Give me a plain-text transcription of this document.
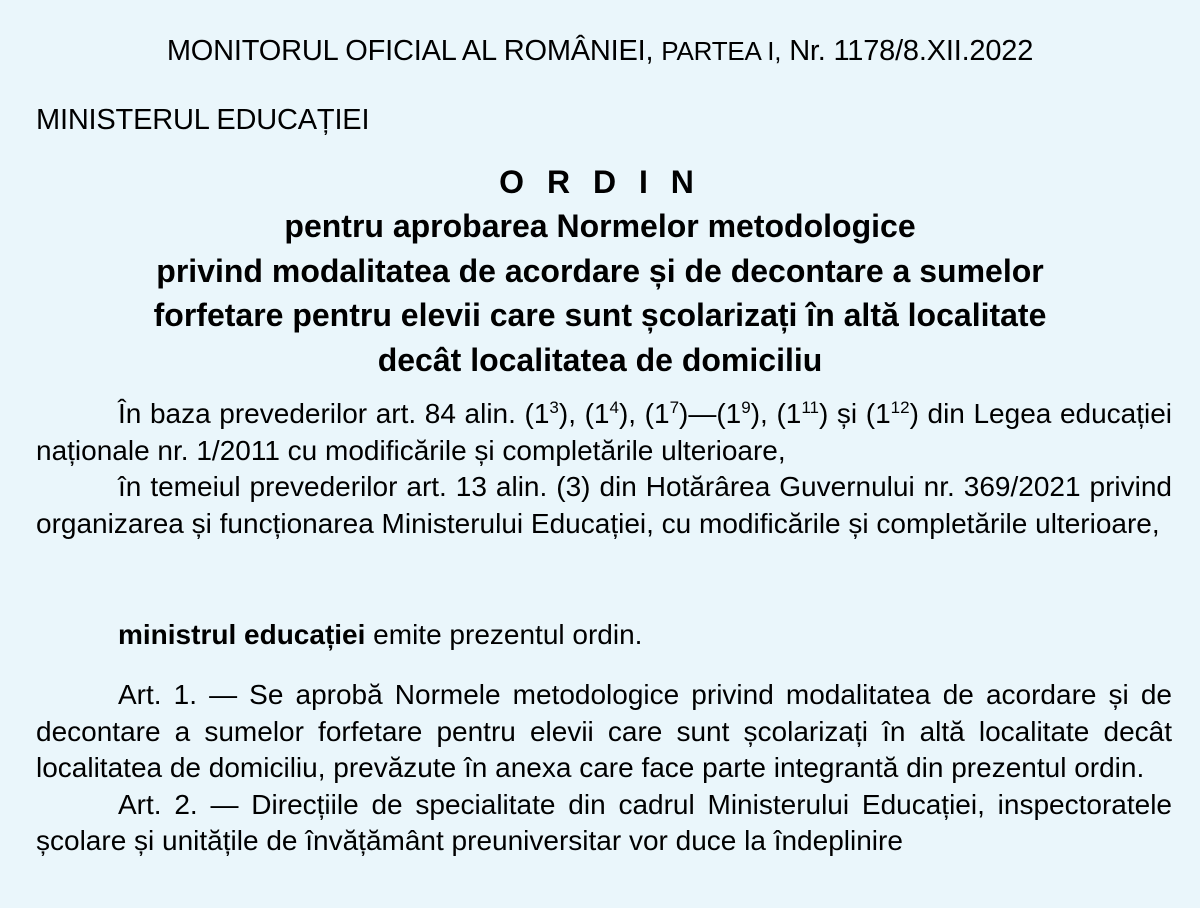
MONITORUL OFICIAL AL ROMÂNIEI, PARTEA I, Nr. 1178/8.XII.2022
MINISTERUL EDUCAȚIEI
O R D I N
pentru aprobarea Normelor metodologice
privind modalitatea de acordare și de decontare a sumelor
forfetare pentru elevii care sunt școlarizați în altă localitate
decât localitatea de domiciliu

În baza prevederilor art. 84 alin. $(1^3)$, $(1^4)$, $(1^7)—(1^9)$, $(1^{11})$ și $(1^{12})$ din Legea educației naționale nr. 1/2011 cu modificările și completările ulterioare,

în temeiul prevederilor art. 13 alin. (3) din Hotărârea Guvernului nr. 369/2021 privind organizarea și funcționarea Ministerului Educației, cu modificările și completările ulterioare,

ministrul educației emite prezentul ordin.

Art. 1. — Se aprobă Normele metodologice privind modalitatea de acordare și de decontare a sumelor forfetare pentru elevii care sunt școlarizați în altă localitate decât localitatea de domiciliu, prevăzute în anexa care face parte integrantă din prezentul ordin.

Art. 2. — Direcțiile de specialitate din cadrul Ministerului Educației, inspectoratele școlare și unitățile de învățământ preuniversitar vor duce la îndeplinire
